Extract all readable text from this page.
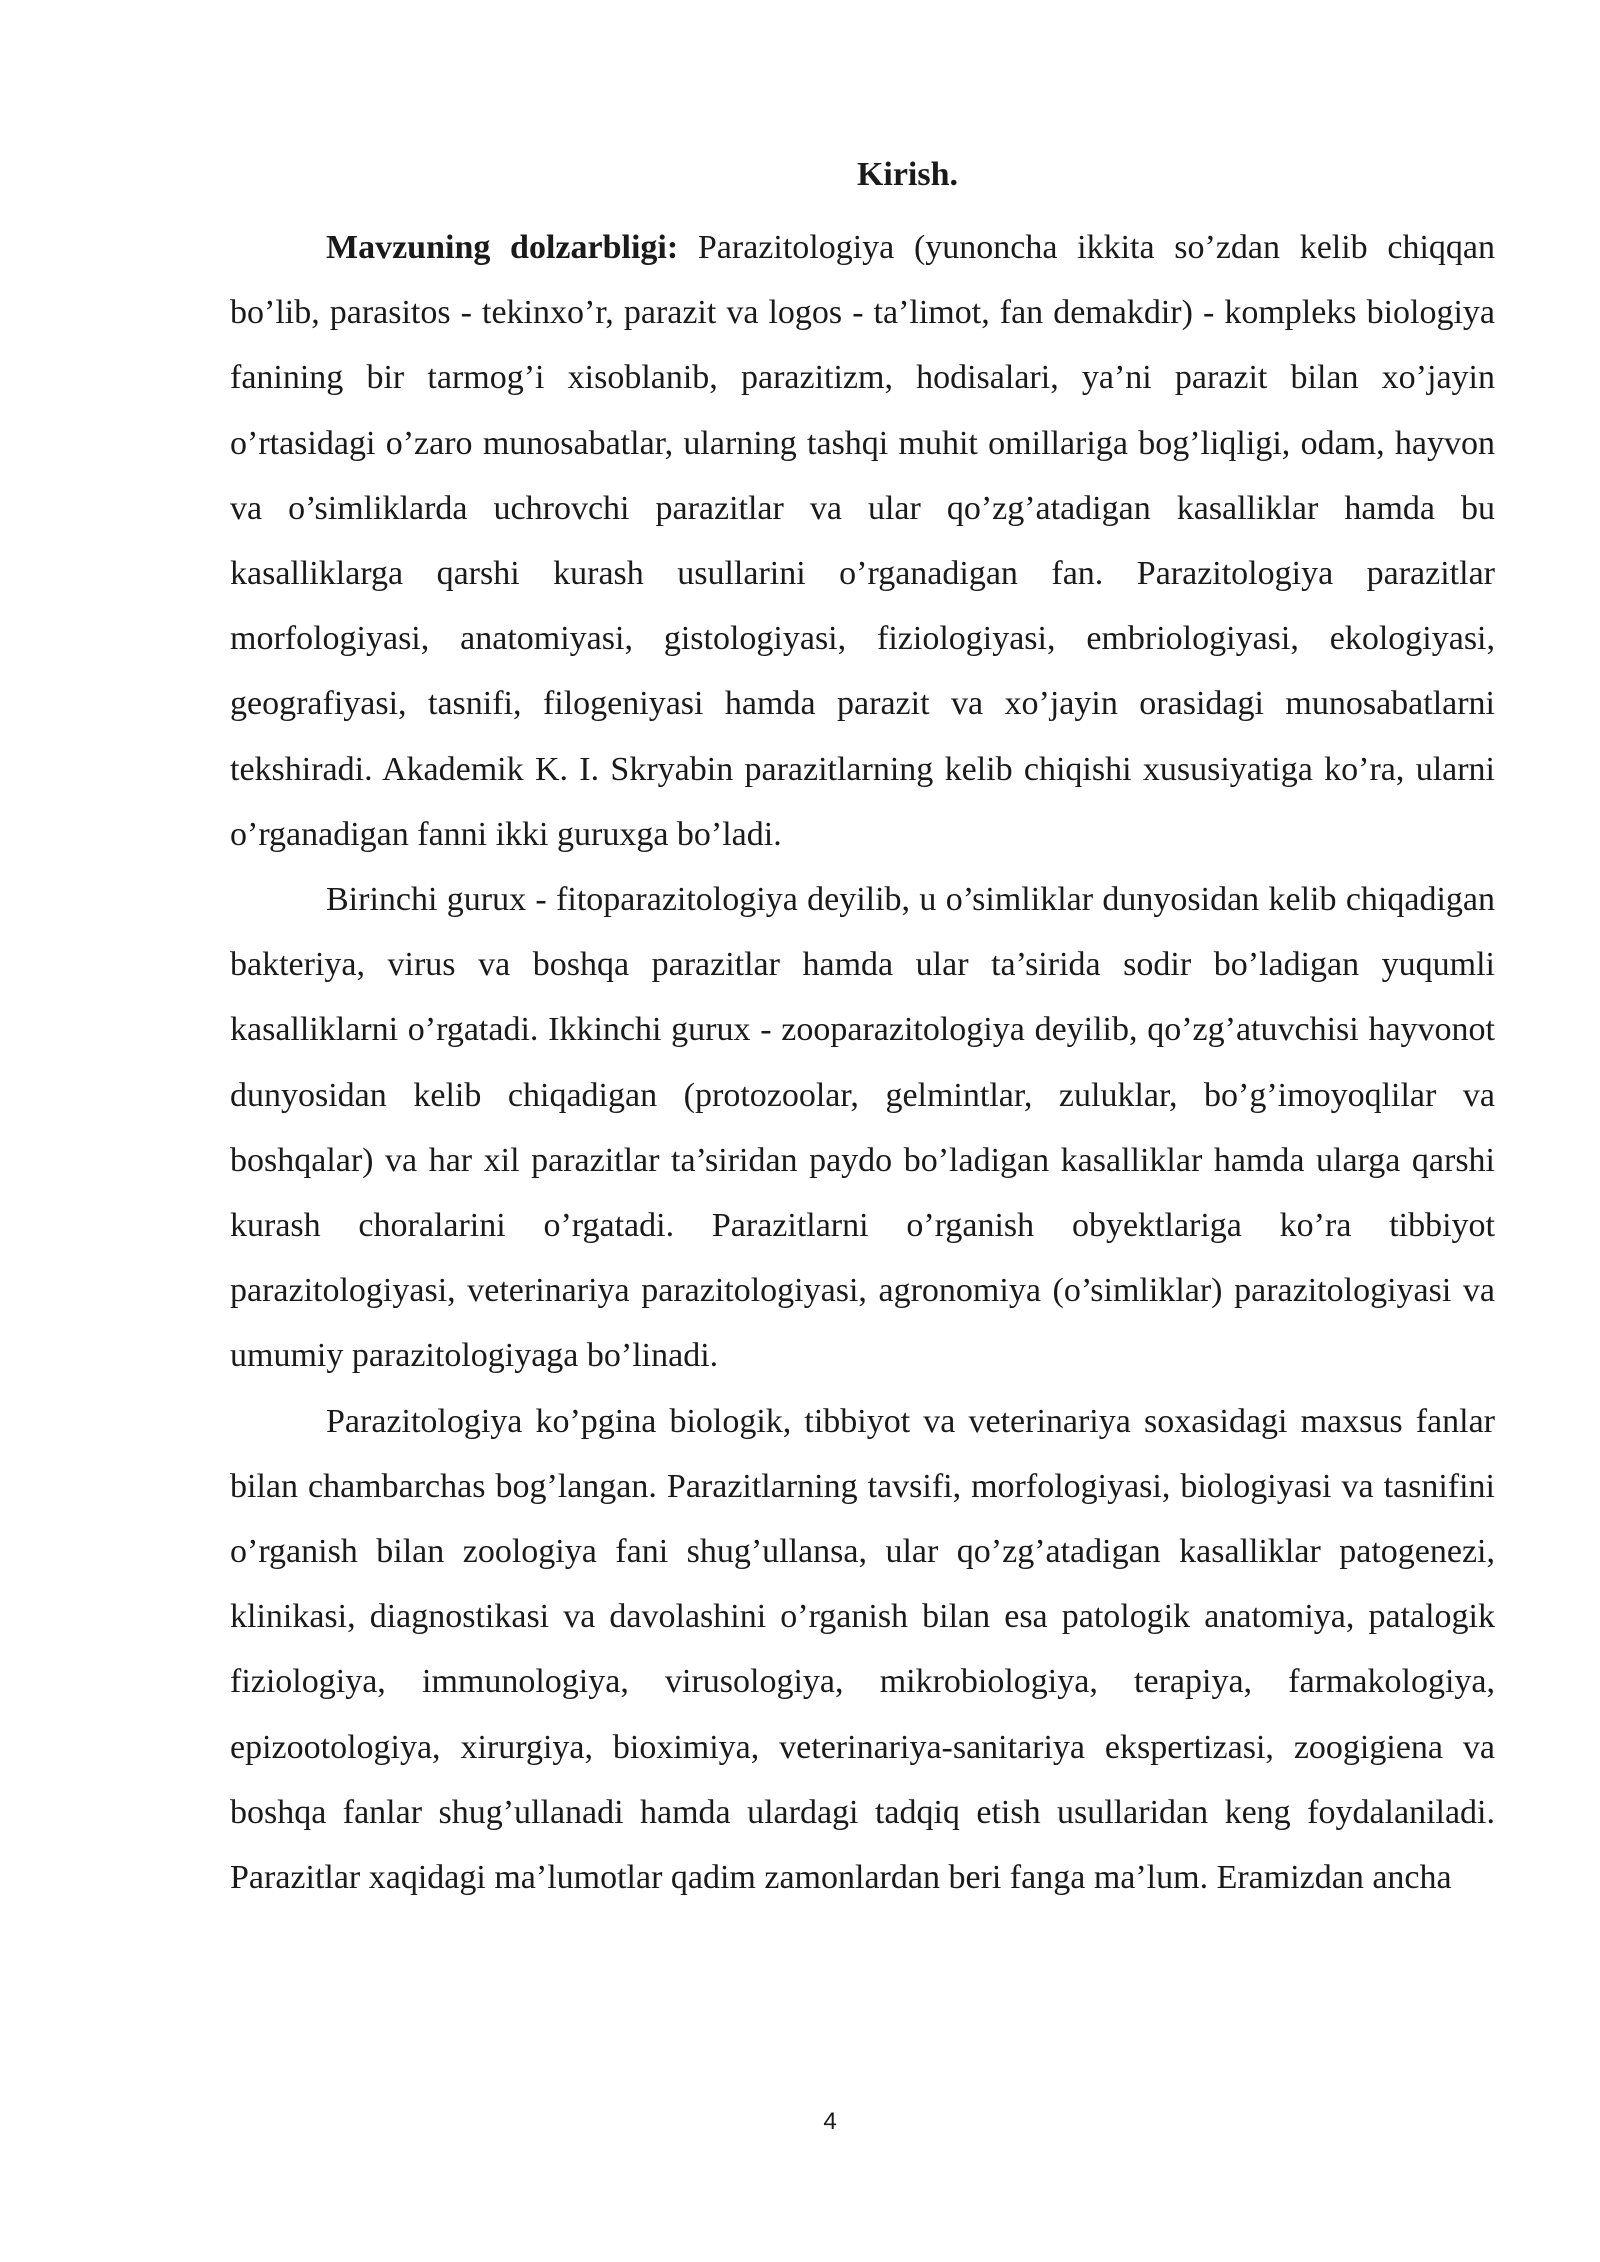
Kirish.

Mavzuning dolzarbligi: Parazitologiya (yunoncha ikkita so’zdan kelib chiqqan bo’lib, parasitos - tekinxo’r, parazit va logos - ta’limot, fan demakdir) - kompleks biologiya fanining bir tarmog’i xisoblanib, parazitizm, hodisalari, ya’ni parazit bilan xo’jayin o’rtasidagi o’zaro munosabatlar, ularning tashqi muhit omillariga bog’liqligi, odam, hayvon va o’simliklarda uchrovchi parazitlar va ular qo’zg’atadigan kasalliklar hamda bu kasalliklarga qarshi kurash usullarini o’rganadigan fan. Parazitologiya parazitlar morfologiyasi, anatomiyasi, gistologiyasi, fiziologiyasi, embriologiyasi, ekologiyasi, geografiyasi, tasnifi, filogeniyasi hamda parazit va xo’jayin orasidagi munosabatlarni tekshiradi. Akademik K. I. Skryabin parazitlarning kelib chiqishi xususiyatiga ko’ra, ularni o’rganadigan fanni ikki guruxga bo’ladi.

Birinchi gurux - fitoparazitologiya deyilib, u o’simliklar dunyosidan kelib chiqadigan bakteriya, virus va boshqa parazitlar hamda ular ta’sirida sodir bo’ladigan yuqumli kasalliklarni o’rgatadi. Ikkinchi gurux - zooparazitologiya deyilib, qo’zg’atuvchisi hayvonot dunyosidan kelib chiqadigan (protozoolar, gelmintlar, zuluklar, bo’g’imoyoqlilar va boshqalar) va har xil parazitlar ta’siridan paydo bo’ladigan kasalliklar hamda ularga qarshi kurash choralarini o’rgatadi. Parazitlarni o’rganish obyektlariga ko’ra tibbiyot parazitologiyasi, veterinariya parazitologiyasi, agronomiya (o’simliklar) parazitologiyasi va umumiy parazitologiyaga bo’linadi.

Parazitologiya ko’pgina biologik, tibbiyot va veterinariya soxasidagi maxsus fanlar bilan chambarchas bog’langan. Parazitlarning tavsifi, morfologiyasi, biologiyasi va tasnifini o’rganish bilan zoologiya fani shug’ullansa, ular qo’zg’atadigan kasalliklar patogenezi, klinikasi, diagnostikasi va davolashini o’rganish bilan esa patologik anatomiya, patalogik fiziologiya, immunologiya, virusologiya, mikrobiologiya, terapiya, farmakologiya, epizootologiya, xirurgiya, bioximiya, veterinariya-sanitariya ekspertizasi, zoogigiena va boshqa fanlar shug’ullanadi hamda ulardagi tadqiq etish usullaridan keng foydalaniladi. Parazitlar xaqidagi ma’lumotlar qadim zamonlardan beri fanga ma’lum. Eramizdan ancha

4
